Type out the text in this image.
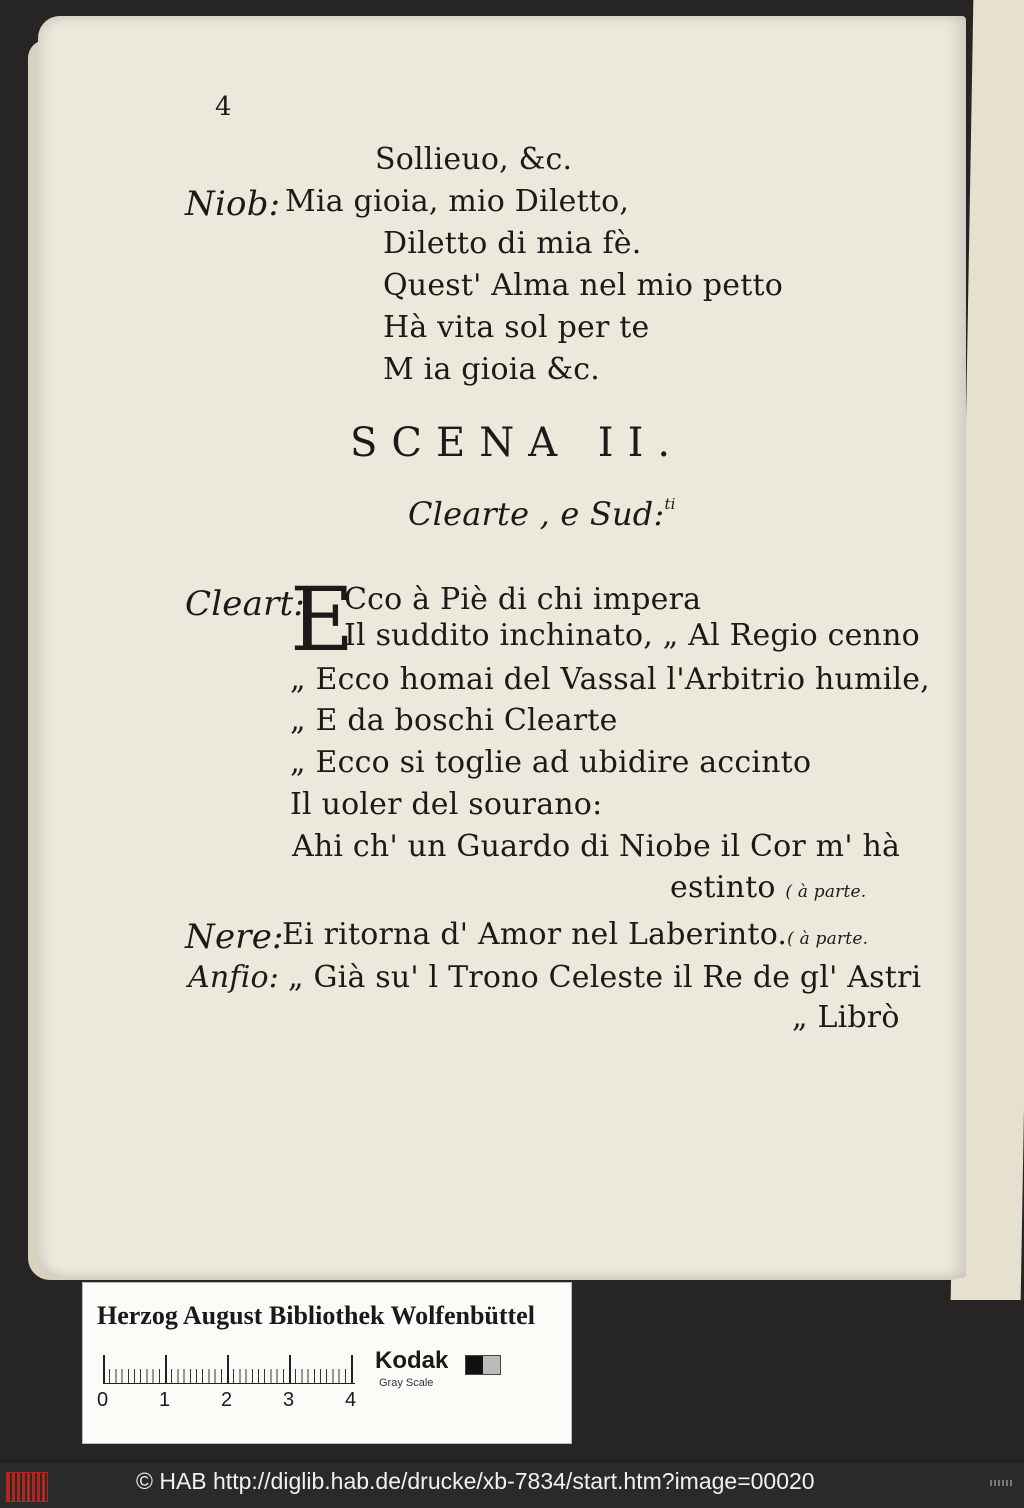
4
Sollieuo, &c.
Niob: Mia gioia, mio Diletto,
Diletto di mia fè.
Quest' Alma nel mio petto
Hà vita sol per te
M ia gioia &c.
SCENA II.
Clearte , e Sud:$^{ti}$
Cleart:
E
Cco à Piè di chi impera
Il suddito inchinato, „ Al Regio cenno
„ Ecco homai del Vassal l'Arbitrio humile,
„ E da boschi Clearte
„ Ecco si toglie ad ubidire accinto
Il uoler del sourano:
Ahi ch' un Guardo di Niobe il Cor m' hà
estinto ( à parte.
Nere:
Ei ritorna d' Amor nel Laberinto.( à parte.
Anfio: „ Già su' l Trono Celeste il Re de gl' Astri
„ Librò
Herzog August Bibliothek Wolfenbüttel
0	1	2	3	4
Kodak
Gray Scale
© HAB http://diglib.hab.de/drucke/xb-7834/start.htm?image=00020
